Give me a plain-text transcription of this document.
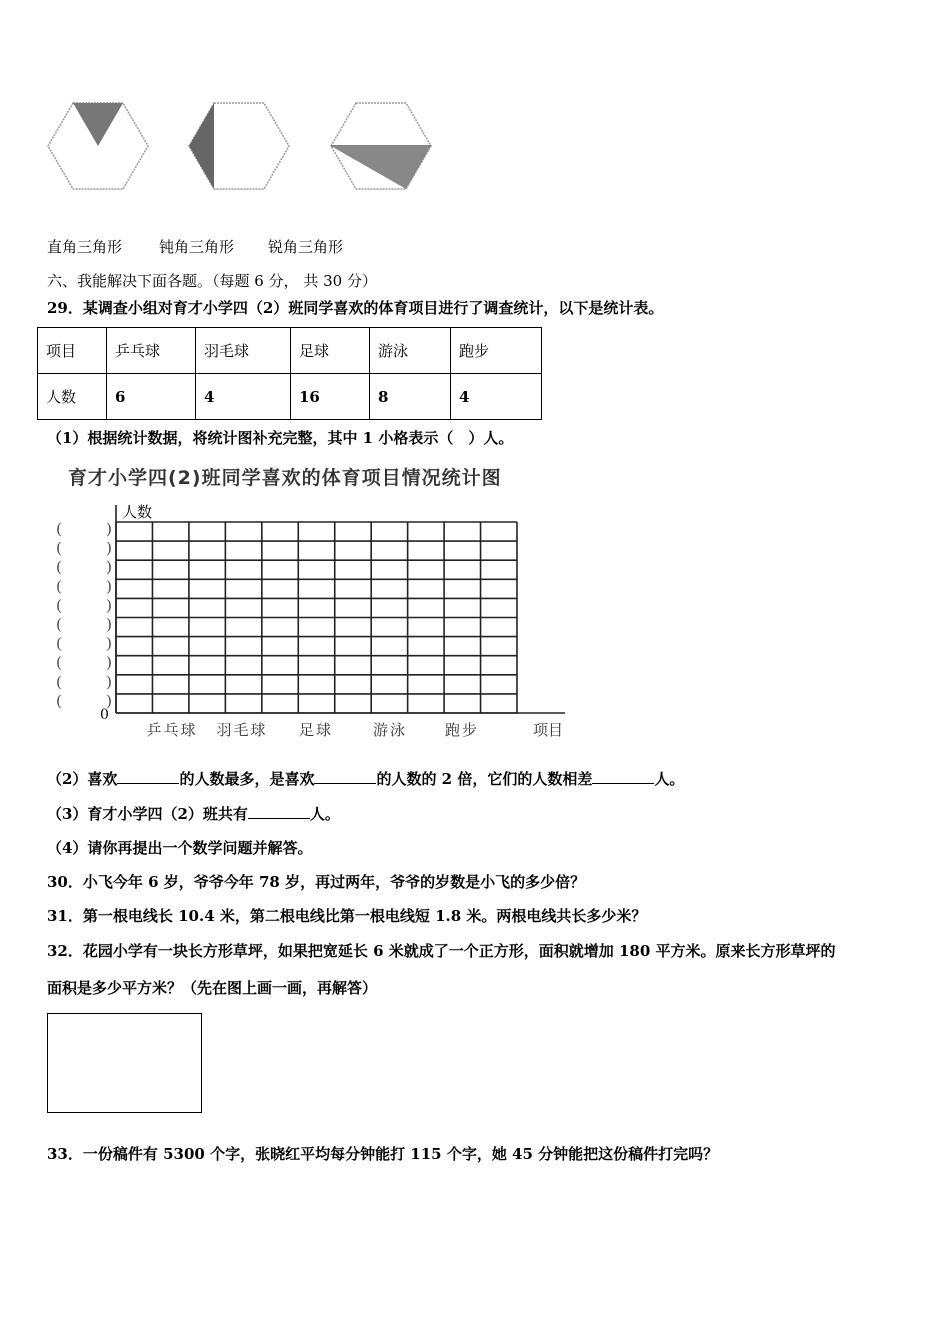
直角三角形 钝角三角形 锐角三角形
六、我能解决下面各题。（每题 6 分， 共 30 分）
29．某调查小组对育才小学四（2）班同学喜欢的体育项目进行了调查统计，以下是统计表。
项目	乒乓球	羽毛球	足球	游泳	跑步
人数	6	4	16	8	4
（1）根据统计数据，将统计图补充完整，其中 1 小格表示（　）人。
育才小学四(2)班同学喜欢的体育项目情况统计图
人数
0
(　　)
(　　)
(　　)
(　　)
(　　)
(　　)
(　　)
(　　)
(　　)
(　　)
乒乓球 羽毛球 足球	游泳	跑步	项目
（2）喜欢	的人数最多，是喜欢	的人数的 2 倍，它们的人数相差	人。
（3）育才小学四（2）班共有	人。
（4）请你再提出一个数学问题并解答。
30．小飞今年 6 岁，爷爷今年 78 岁，再过两年，爷爷的岁数是小飞的多少倍？
31．第一根电线长 10.4 米，第二根电线比第一根电线短 1.8 米。两根电线共长多少米？
32．花园小学有一块长方形草坪，如果把宽延长 6 米就成了一个正方形，面积就增加 180 平方米。原来长方形草坪的
面积是多少平方米？（先在图上画一画，再解答）
33．一份稿件有 5300 个字，张晓红平均每分钟能打 115 个字，她 45 分钟能把这份稿件打完吗？
